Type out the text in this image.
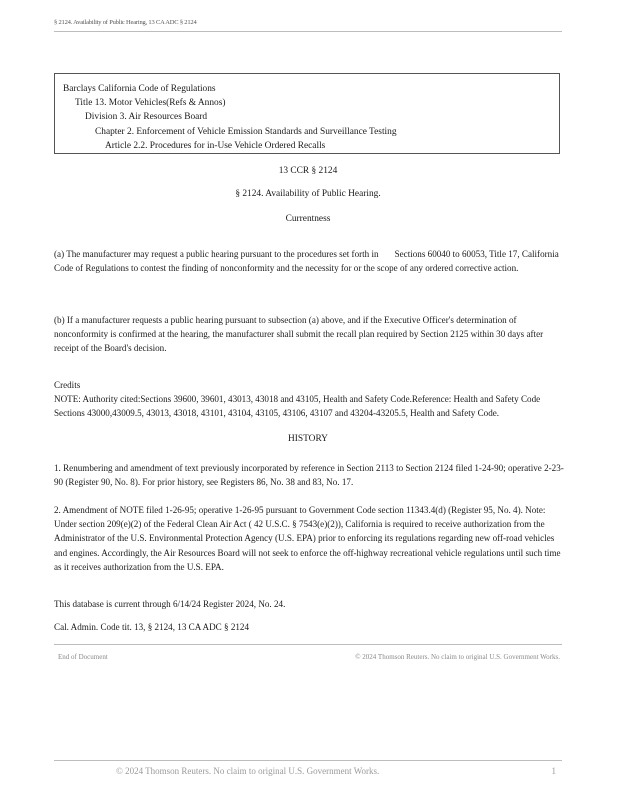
§ 2124. Availability of Public Hearing, 13 CA ADC § 2124
Barclays California Code of Regulations
Title 13. Motor Vehicles(Refs & Annos)
Division 3. Air Resources Board
Chapter 2. Enforcement of Vehicle Emission Standards and Surveillance Testing
Article 2.2. Procedures for in-Use Vehicle Ordered Recalls
13 CCR § 2124
§ 2124. Availability of Public Hearing.
Currentness
(a) The manufacturer may request a public hearing pursuant to the procedures set forth in Sections 60040 to 60053, Title 17, California Code of Regulations to contest the finding of nonconformity and the necessity for or the scope of any ordered corrective action.
(b) If a manufacturer requests a public hearing pursuant to subsection (a) above, and if the Executive Officer's determination of nonconformity is confirmed at the hearing, the manufacturer shall submit the recall plan required by Section 2125 within 30 days after receipt of the Board's decision.
Credits
NOTE: Authority cited:Sections 39600, 39601, 43013, 43018 and 43105, Health and Safety Code.Reference: Health and Safety Code Sections 43000,43009.5, 43013, 43018, 43101, 43104, 43105, 43106, 43107 and 43204-43205.5, Health and Safety Code.
HISTORY
1. Renumbering and amendment of text previously incorporated by reference in Section 2113 to Section 2124 filed 1-24-90; operative 2-23-90 (Register 90, No. 8). For prior history, see Registers 86, No. 38 and 83, No. 17.
2. Amendment of NOTE filed 1-26-95; operative 1-26-95 pursuant to Government Code section 11343.4(d) (Register 95, No. 4). Note: Under section 209(e)(2) of the Federal Clean Air Act ( 42 U.S.C. § 7543(e)(2)), California is required to receive authorization from the Administrator of the U.S. Environmental Protection Agency (U.S. EPA) prior to enforcing its regulations regarding new off-road vehicles and engines. Accordingly, the Air Resources Board will not seek to enforce the off-highway recreational vehicle regulations until such time as it receives authorization from the U.S. EPA.
This database is current through 6/14/24 Register 2024, No. 24.
Cal. Admin. Code tit. 13, § 2124, 13 CA ADC § 2124
End of Document	© 2024 Thomson Reuters. No claim to original U.S. Government Works.
© 2024 Thomson Reuters. No claim to original U.S. Government Works.	1
